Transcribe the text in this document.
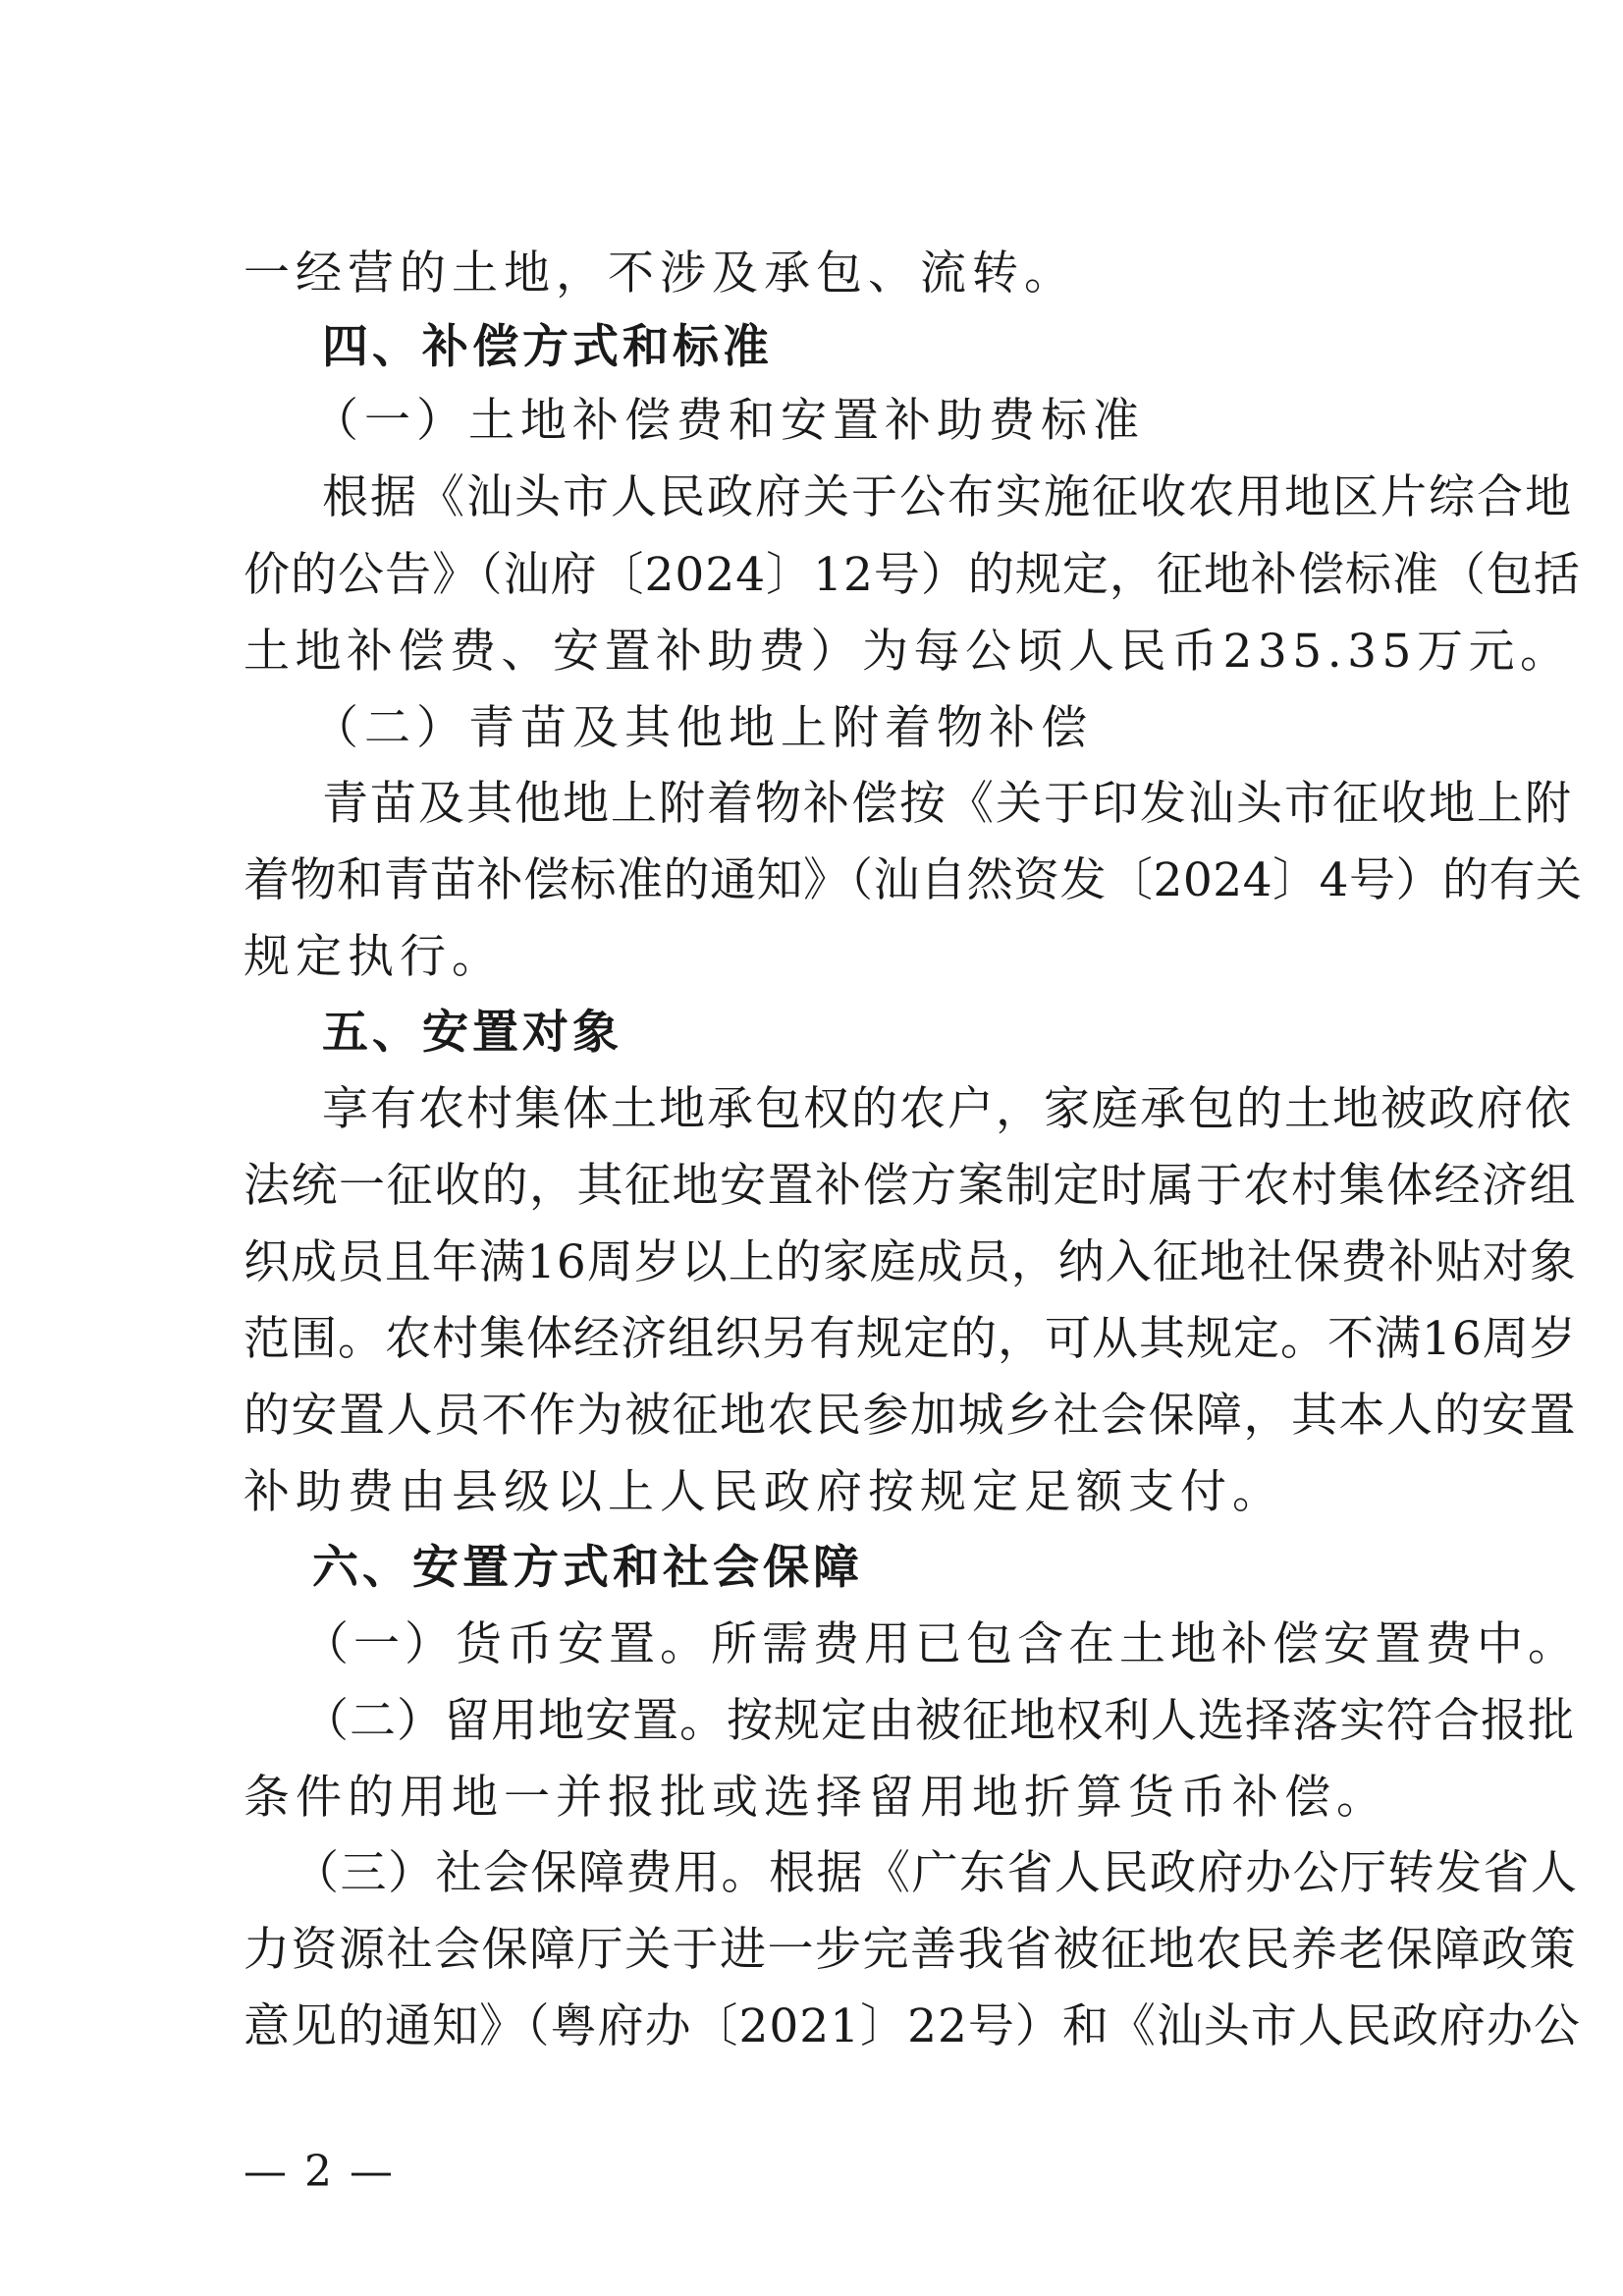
一经营的土地，不涉及承包、流转。
四、补偿方式和标准
（一）土地补偿费和安置补助费标准
根据《汕头市人民政府关于公布实施征收农用地区片综合地
价的公告》（汕府〔2024〕12号）的规定，征地补偿标准（包括
土地补偿费、安置补助费）为每公顷人民币235.35万元。
（二）青苗及其他地上附着物补偿
青苗及其他地上附着物补偿按《关于印发汕头市征收地上附
着物和青苗补偿标准的通知》（汕自然资发〔2024〕4号）的有关
规定执行。
五、安置对象
享有农村集体土地承包权的农户，家庭承包的土地被政府依
法统一征收的，其征地安置补偿方案制定时属于农村集体经济组
织成员且年满16周岁以上的家庭成员，纳入征地社保费补贴对象
范围。农村集体经济组织另有规定的，可从其规定。不满16周岁
的安置人员不作为被征地农民参加城乡社会保障，其本人的安置
补助费由县级以上人民政府按规定足额支付。
六、安置方式和社会保障
（一）货币安置。所需费用已包含在土地补偿安置费中。
（二）留用地安置。按规定由被征地权利人选择落实符合报批
条件的用地一并报批或选择留用地折算货币补偿。
（三）社会保障费用。根据《广东省人民政府办公厅转发省人
力资源社会保障厅关于进一步完善我省被征地农民养老保障政策
意见的通知》（粤府办〔2021〕22号）和《汕头市人民政府办公
— 2 —
